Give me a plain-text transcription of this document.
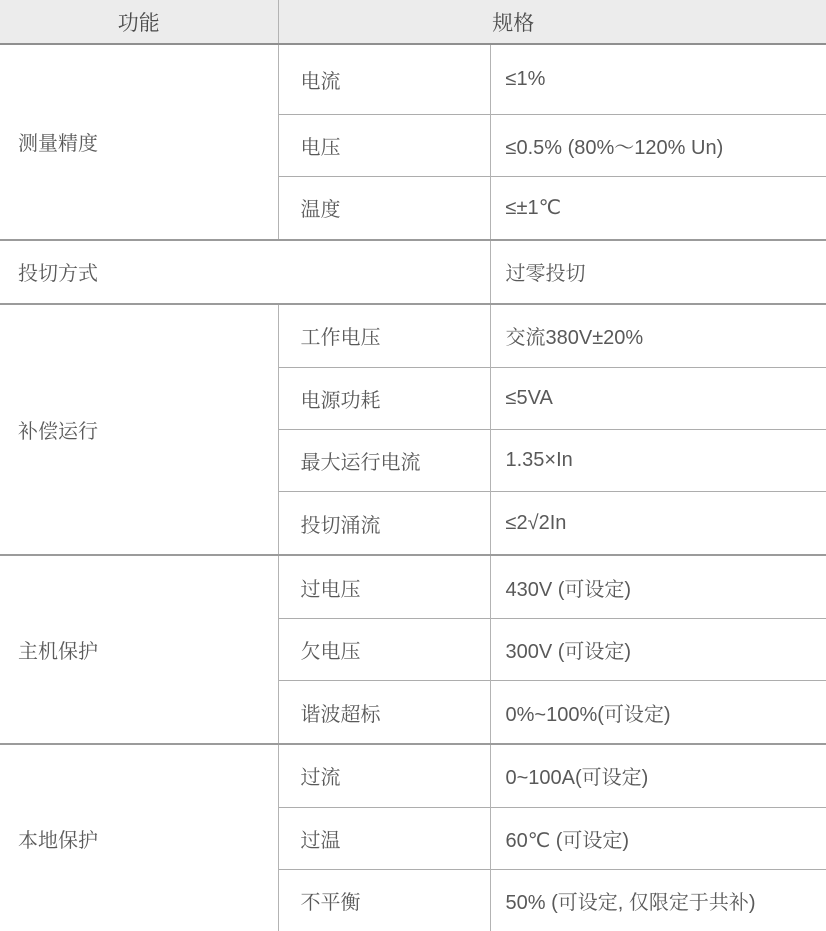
功能	规格	
测量精度	电流	≤1%
	电压	≤0.5% (80%～120% Un)
	温度	≤±1℃
投切方式		过零投切
补偿运行	工作电压	交流380V±20%
	电源功耗	≤5VA
	最大运行电流	1.35×In
	投切涌流	≤2√2In
主机保护	过电压	430V (可设定)
	欠电压	300V (可设定)
	谐波超标	0%~100%(可设定)
本地保护	过流	0~100A(可设定)
	过温	60℃ (可设定)
	不平衡	50% (可设定, 仅限定于共补)
